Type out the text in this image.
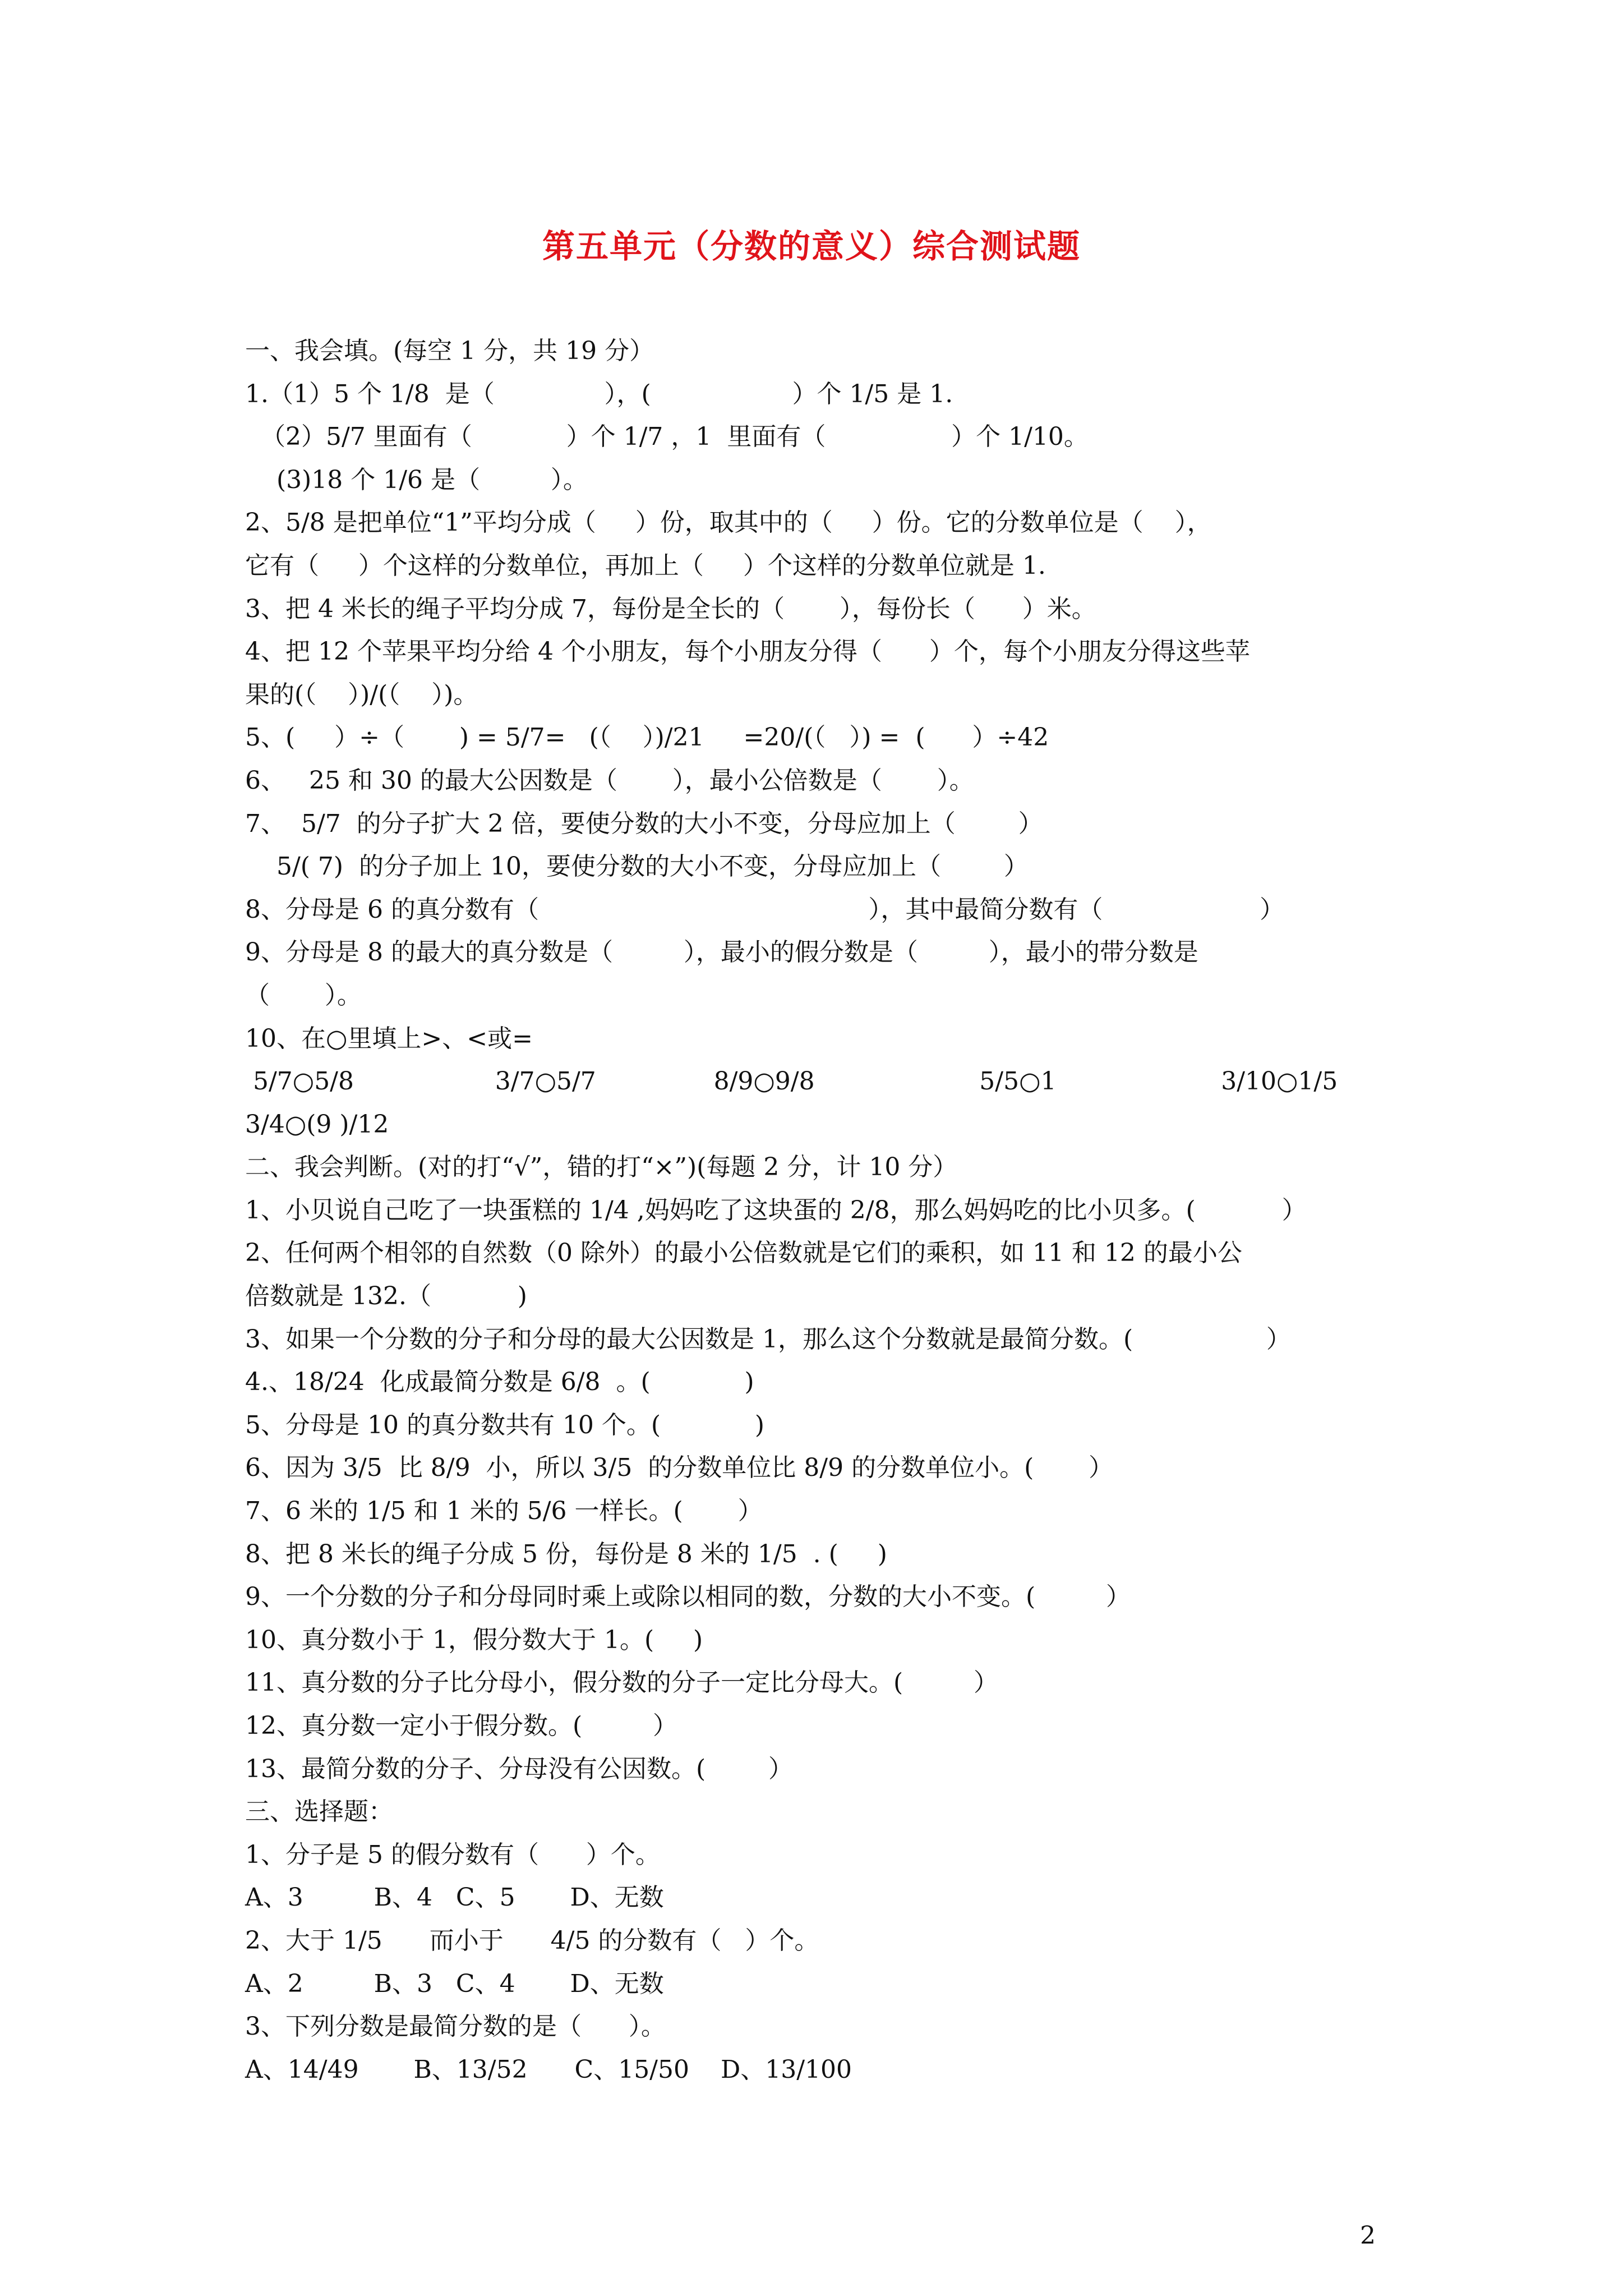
第五单元（分数的意义）综合测试题
一、我会填。(每空 1 分，共 19 分）
1.（1）5 个 1/8  是（              ），(                  ）个 1/5 是 1.
（2）5/7 里面有（            ）个 1/7 ，1  里面有（                ）个 1/10。
(3)18 个 1/6 是（         ）。
2、5/8 是把单位“1”平均分成（     ）份，取其中的（     ）份。它的分数单位是（    ），
它有（     ）个这样的分数单位，再加上（     ）个这样的分数单位就是 1.
3、把 4 米长的绳子平均分成 7，每份是全长的（       ），每份长（      ）米。
4、把 12 个苹果平均分给 4 个小朋友，每个小朋友分得（      ）个，每个小朋友分得这些苹
果的(（    ）)/(（    ）)。
5、(     ）÷（       ) = 5/7=   (（    ）)/21     =20/(（   ）) =  (      ）÷42
6、   25 和 30 的最大公因数是（       ），最小公倍数是（       ）。
7、  5/7  的分子扩大 2 倍，要使分数的大小不变，分母应加上（        ）
5/( 7)  的分子加上 10，要使分数的大小不变，分母应加上（        ）
8、分母是 6 的真分数有（                                          ），其中最简分数有（                    ）
9、分母是 8 的最大的真分数是（         ），最小的假分数是（         ），最小的带分数是
（       ）。
10、在○里填上>、<或=
5/7○5/8                  3/7○5/7               8/9○9/8                     5/5○1                     3/10○1/5
3/4○(9 )/12
二、我会判断。(对的打“√”，错的打“×”)(每题 2 分，计 10 分）
1、小贝说自己吃了一块蛋糕的 1/4 ,妈妈吃了这块蛋的 2/8，那么妈妈吃的比小贝多。(           ）
2、任何两个相邻的自然数（0 除外）的最小公倍数就是它们的乘积，如 11 和 12 的最小公
倍数就是 132.（           )
3、如果一个分数的分子和分母的最大公因数是 1，那么这个分数就是最简分数。(                 ）
4.、18/24  化成最简分数是 6/8  。(            )
5、分母是 10 的真分数共有 10 个。(            )
6、因为 3/5  比 8/9  小，所以 3/5  的分数单位比 8/9 的分数单位小。(       ）
7、6 米的 1/5 和 1 米的 5/6 一样长。(       ）
8、把 8 米长的绳子分成 5 份，每份是 8 米的 1/5  . (     )
9、一个分数的分子和分母同时乘上或除以相同的数，分数的大小不变。(         ）
10、真分数小于 1，假分数大于 1。(     )
11、真分数的分子比分母小，假分数的分子一定比分母大。(         ）
12、真分数一定小于假分数。(         ）
13、最简分数的分子、分母没有公因数。(        ）
三、选择题：
1、分子是 5 的假分数有（      ）个。
A、3         B、4   C、5       D、无数
2、大于 1/5      而小于      4/5 的分数有（   ）个。
A、2         B、3   C、4       D、无数
3、下列分数是最简分数的是（      ）。
A、14/49       B、13/52      C、15/50    D、13/100
2
